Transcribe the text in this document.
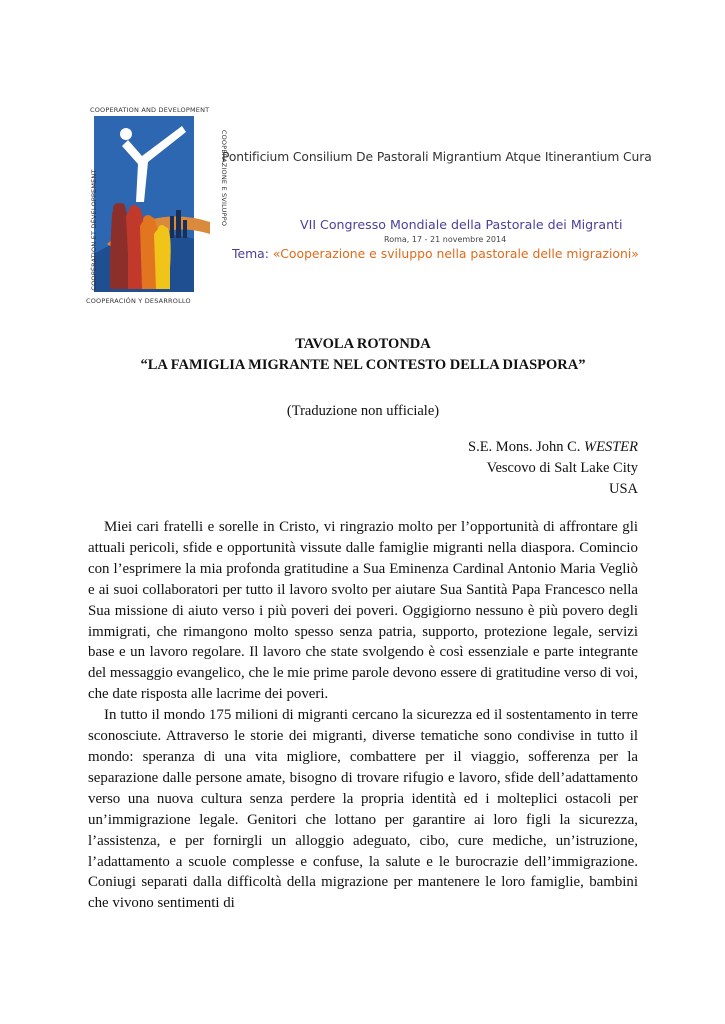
COOPERATION AND DEVELOPMENT
COOPERAZIONE E SVILUPPO
COOPÉRATION ET DÉVELOPPEMENT
COOPERACIÓN Y DESARROLLO
Pontificium Consilium De Pastorali Migrantium Atque Itinerantium Cura
VII Congresso Mondiale della Pastorale dei Migranti
Roma, 17 - 21 novembre 2014
Tema: «Cooperazione e sviluppo nella pastorale delle migrazioni»
TAVOLA ROTONDA
“LA FAMIGLIA MIGRANTE NEL CONTESTO DELLA DIASPORA”
(Traduzione non ufficiale)
S.E. Mons. John C. WESTER
Vescovo di Salt Lake City
USA

Miei cari fratelli e sorelle in Cristo, vi ringrazio molto per l’opportunità di affrontare gli attuali pericoli, sfide e opportunità vissute dalle famiglie migranti nella diaspora. Comincio con l’esprimere la mia profonda gratitudine a Sua Eminenza Cardinal Antonio Maria Vegliò e ai suoi collaboratori per tutto il lavoro svolto per aiutare Sua Santità Papa Francesco nella Sua missione di aiuto verso i più poveri dei poveri. Oggigiorno nessuno è più povero degli immigrati, che rimangono molto spesso senza patria, supporto, protezione legale, servizi base e un lavoro regolare. Il lavoro che state svolgendo è così essenziale e parte integrante del messaggio evangelico, che le mie prime parole devono essere di gratitudine verso di voi, che date risposta alle lacrime dei poveri.

In tutto il mondo 175 milioni di migranti cercano la sicurezza ed il sostentamento in terre sconosciute. Attraverso le storie dei migranti, diverse tematiche sono condivise in tutto il mondo: speranza di una vita migliore, combattere per il viaggio, sofferenza per la separazione dalle persone amate, bisogno di trovare rifugio e lavoro, sfide dell’adattamento verso una nuova cultura senza perdere la propria identità ed i molteplici ostacoli per un’immigrazione legale. Genitori che lottano per garantire ai loro figli la sicurezza, l’assistenza, e per fornirgli un alloggio adeguato, cibo, cure mediche, un’istruzione, l’adattamento a scuole complesse e confuse, la salute e le burocrazie dell’immigrazione. Coniugi separati dalla difficoltà della migrazione per mantenere le loro famiglie, bambini che vivono sentimenti di
